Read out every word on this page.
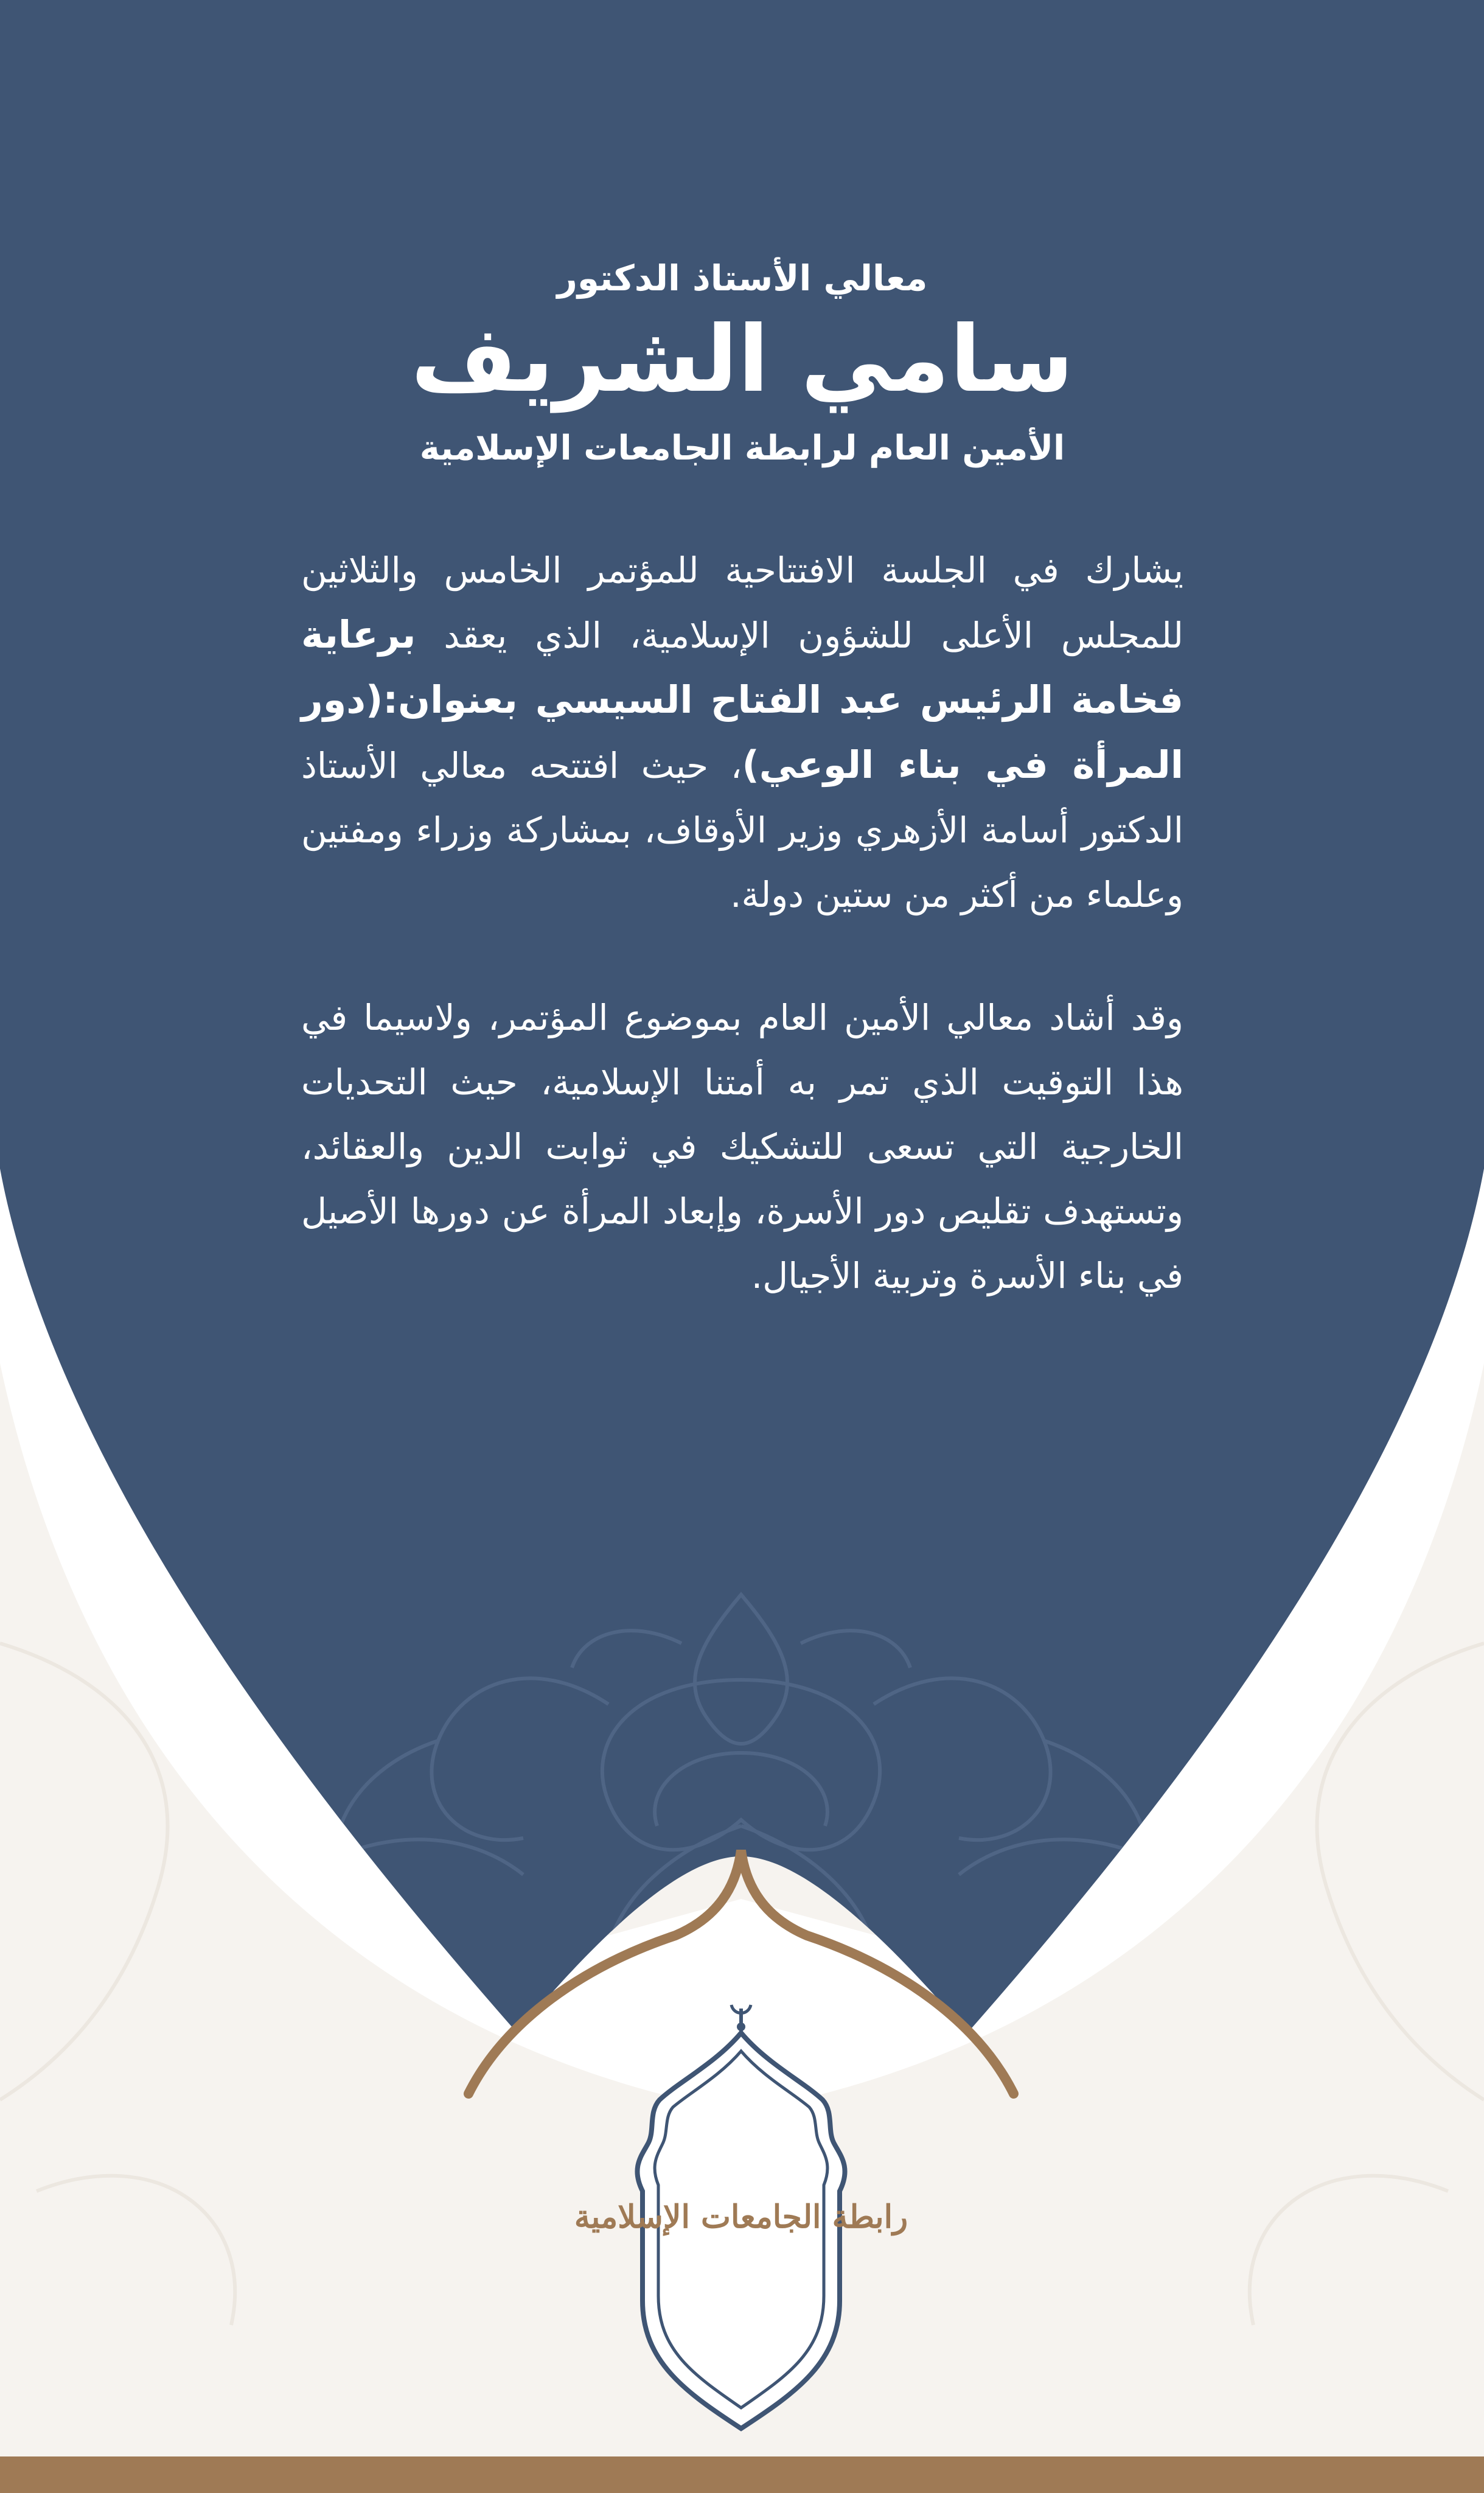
رابطة الجامعات الإسلامية

معالي الأستاذ الدكتور

سامي الشريف

الأمين العام لرابطة الجامعات الإسلامية

يشارك في الجلسة الافتتاحية للمؤتمر الخامس والثلاثين للمجلس الأعلى للشؤون الإسلامية، الذي يعقد برعاية فخامة الرئيس عبد الفتاح السيسي بعنوان:(دور المرأة في بناء الوعي)، حيث افتتحه معالي الأستاذ الدكتور أسامة الأزهري وزير الأوقاف، بمشاركة وزراء ومفتين وعلماء من أكثر من ستين دولة.

وقد أشاد معالي الأمين العام بموضوع المؤتمر، ولاسيما في هذا التوقيت الذي تمر به أمتنا الإسلامية، حيث التحديات الخارجية التي تسعى للتشكيك في ثوابت الدين والعقائد، وتستهدف تقليص دور الأسرة، وإبعاد المرأة عن دورها الأصيل في بناء الأسرة وتربية الأجيال.
